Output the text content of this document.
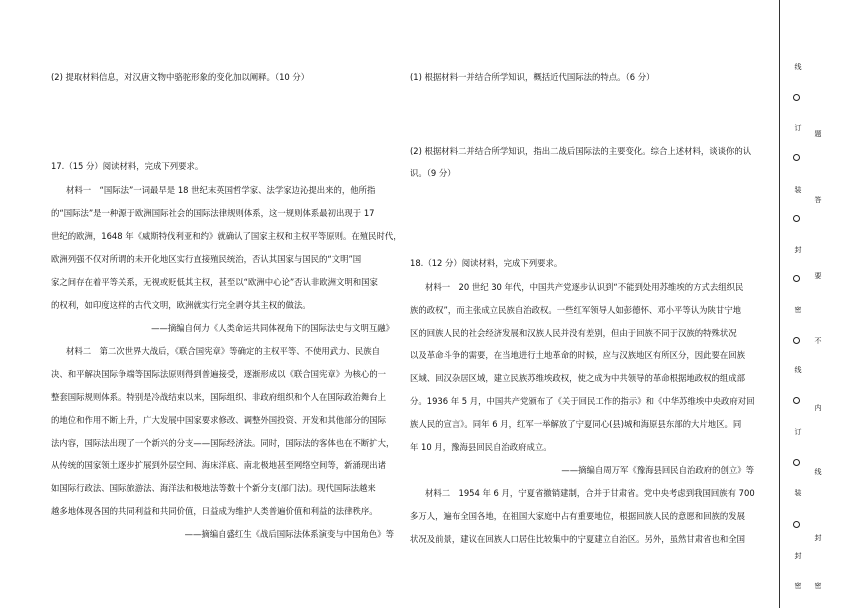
(2) 提取材料信息，对汉唐文物中骆驼形象的变化加以阐释。（10 分）
17.（15 分）阅读材料，完成下列要求。
材料一　“国际法”一词最早是 18 世纪末英国哲学家、法学家边沁提出来的，他所指
的“国际法”是一种源于欧洲国际社会的国际法律规则体系，这一规则体系最初出现于 17
世纪的欧洲，1648 年《威斯特伐利亚和约》就确认了国家主权和主权平等原则。在殖民时代，
欧洲列强不仅对所谓的未开化地区实行直接殖民统治，否认其国家与国民的“文明”国
家之间存在着平等关系，无视或贬低其主权，甚至以“欧洲中心论”否认非欧洲文明和国家
的权利，如印度这样的古代文明，欧洲就实行完全剥夺其主权的做法。
——摘编自何力《人类命运共同体视角下的国际法史与文明互融》
材料二　第二次世界大战后，《联合国宪章》等确定的主权平等、不使用武力、民族自
决、和平解决国际争端等国际法原则得到普遍接受，逐渐形成以《联合国宪章》为核心的一
整套国际规则体系。特别是冷战结束以来，国际组织、非政府组织和个人在国际政治舞台上
的地位和作用不断上升，广大发展中国家要求修改、调整外国投资、开发和其他部分的国际
法内容，国际法出现了一个新兴的分支——国际经济法。同时，国际法的客体也在不断扩大，
从传统的国家领土逐步扩展到外层空间、海床洋底、南北极地甚至网络空间等，新涌现出诸
如国际行政法、国际旅游法、海洋法和极地法等数十个新分支(部门法)。现代国际法越来
越多地体现各国的共同利益和共同价值，日益成为维护人类普遍价值和利益的法律秩序。
——摘编自盛红生《战后国际法体系演变与中国角色》等
(1) 根据材料一并结合所学知识，概括近代国际法的特点。（6 分）
(2) 根据材料二并结合所学知识，指出二战后国际法的主要变化。综合上述材料，谈谈你的认
识。（9 分）
18.（12 分）阅读材料，完成下列要求。
材料一　20 世纪 30 年代，中国共产党逐步认识到“不能到处用苏维埃的方式去组织民
族的政权”，而主张成立民族自治政权。一些红军领导人如彭德怀、邓小平等认为陕甘宁地
区的回族人民的社会经济发展和汉族人民并没有差别，但由于回族不同于汉族的特殊状况
以及革命斗争的需要，在当地进行土地革命的时候，应与汉族地区有所区分，因此要在回族
区域、回汉杂居区域，建立民族苏维埃政权，使之成为中共领导的革命根据地政权的组成部
分。1936 年 5 月，中国共产党颁布了《关于回民工作的指示》和《中华苏维埃中央政府对回
族人民的宣言》。同年 6 月，红军一举解放了宁夏同心(县)城和海原县东部的大片地区。同
年 10 月，豫海县回民自治政府成立。
——摘编自周万军《豫海县回民自治政府的创立》等
材料二　1954 年 6 月，宁夏省撤销建制，合并于甘肃省。党中央考虑到我国回族有 700
多万人，遍布全国各地，在祖国大家庭中占有重要地位，根据回族人民的意愿和回族的发展
状况及前景，建议在回族人口居住比较集中的宁夏建立自治区。另外，虽然甘肃省也和全国
线
订
装
封
密
线
订
装
封
密
题
答
要
不
内
线
封
密
